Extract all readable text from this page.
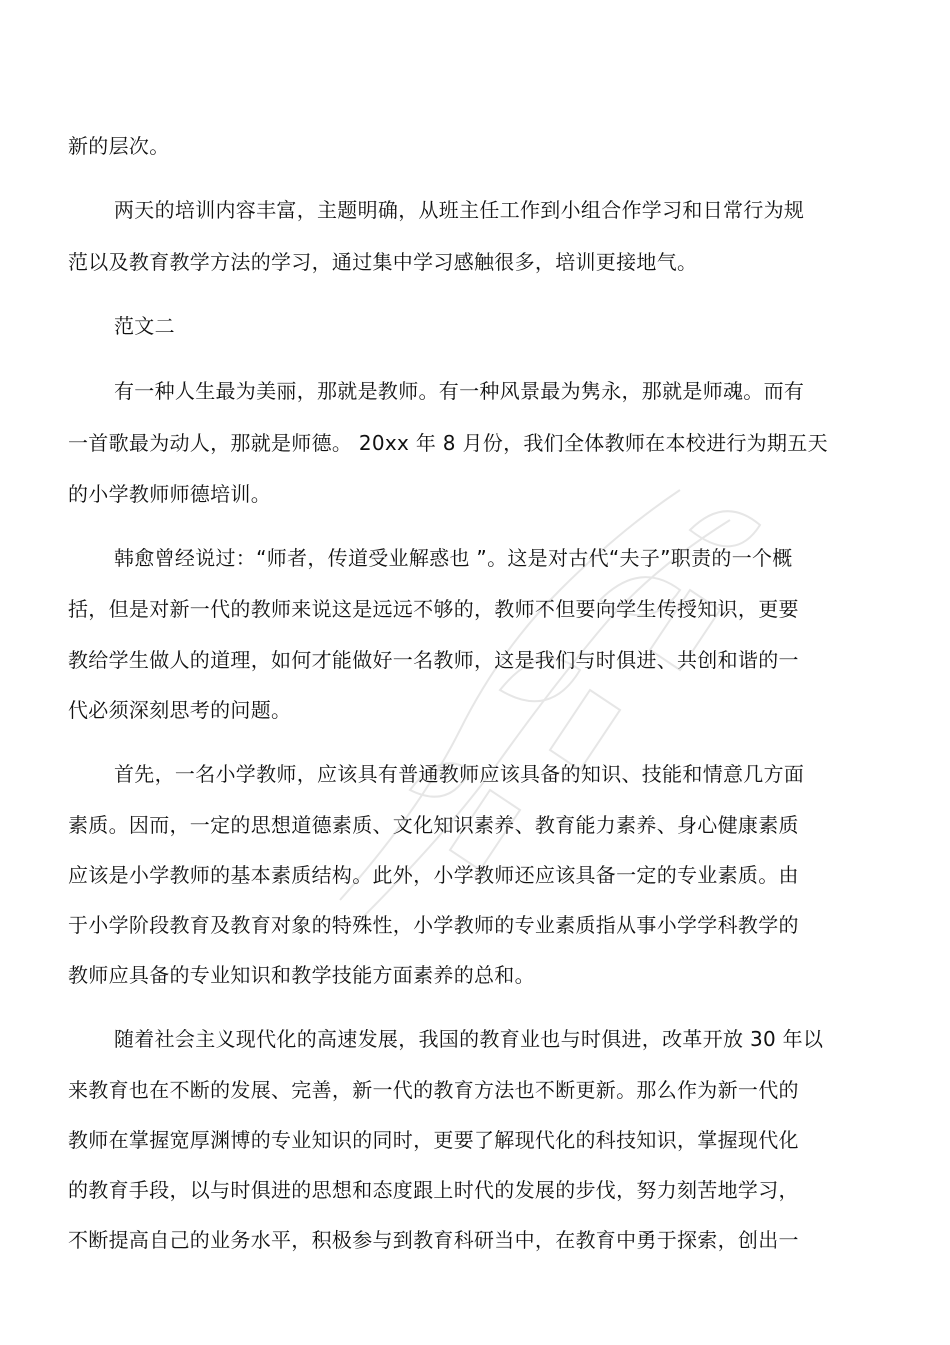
新的层次。
两天的培训内容丰富，主题明确，从班主任工作到小组合作学习和日常行为规
范以及教育教学方法的学习，通过集中学习感触很多，培训更接地气。
范文二
有一种人生最为美丽，那就是教师。有一种风景最为隽永，那就是师魂。而有
一首歌最为动人，那就是师德。 20xx 年 8 月份，我们全体教师在本校进行为期五天
的小学教师师德培训。
韩愈曾经说过：“师者，传道受业解惑也 ”。这是对古代“夫子”职责的一个概
括，但是对新一代的教师来说这是远远不够的，教师不但要向学生传授知识，更要
教给学生做人的道理，如何才能做好一名教师，这是我们与时俱进、共创和谐的一
代必须深刻思考的问题。
首先，一名小学教师，应该具有普通教师应该具备的知识、技能和情意几方面
素质。因而，一定的思想道德素质、文化知识素养、教育能力素养、身心健康素质
应该是小学教师的基本素质结构。此外，小学教师还应该具备一定的专业素质。由
于小学阶段教育及教育对象的特殊性，小学教师的专业素质指从事小学学科教学的
教师应具备的专业知识和教学技能方面素养的总和。
随着社会主义现代化的高速发展，我国的教育业也与时俱进，改革开放 30 年以
来教育也在不断的发展、完善，新一代的教育方法也不断更新。那么作为新一代的
教师在掌握宽厚渊博的专业知识的同时，更要了解现代化的科技知识，掌握现代化
的教育手段，以与时俱进的思想和态度跟上时代的发展的步伐，努力刻苦地学习，
不断提高自己的业务水平，积极参与到教育科研当中，在教育中勇于探索，创出一
